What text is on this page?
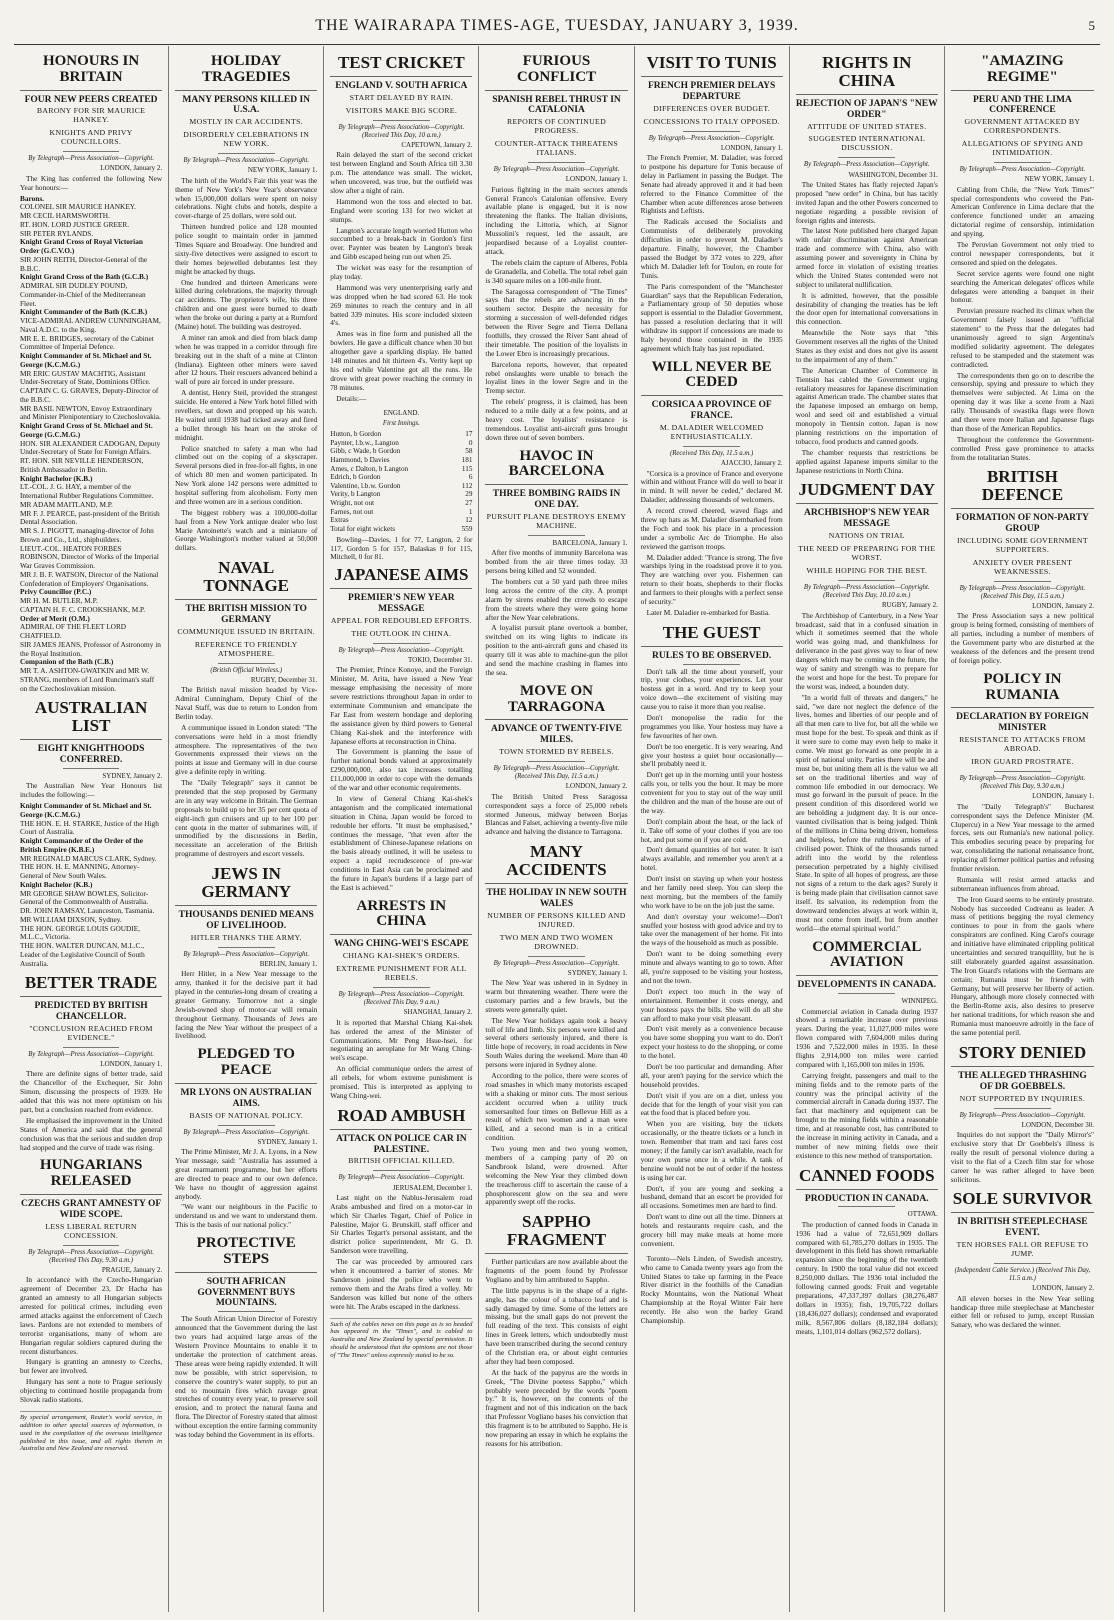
THE WAIRARAPA TIMES-AGE, TUESDAY, JANUARY 3, 1939.	5
HONOURS IN BRITAIN
FOUR NEW PEERS CREATED
BARONY FOR SIR MAURICE HANKEY.
KNIGHTS AND PRIVY COUNCILLORS.
By Telegraph—Press Association—Copyright.
LONDON, January 2.

The King has conferred the following New Year honours:—

Barons.
COLONEL SIR MAURICE HANKEY.
MR CECIL HARMSWORTH.
RT. HON. LORD JUSTICE GREER.
SIR PETER RYLANDS.
Knight Grand Cross of Royal Victorian Order (G.C.V.O.)
SIR JOHN REITH, Director-General of the B.B.C.
Knight Grand Cross of the Bath (G.C.B.)
ADMIRAL SIR DUDLEY POUND, Commander-in-Chief of the Mediterranean Fleet.
Knight Commander of the Bath (K.C.B.)
VICE-ADMIRAL ANDREW CUNNINGHAM, Naval A.D.C. to the King.
MR E. E. BRIDGES, secretary of the Cabinet Committee of Imperial Defence.
Knight Commander of St. Michael and St. George (K.C.M.G.)
MR ERIC GUSTAV MACHTIG, Assistant Under-Secretary of State, Dominions Office.
CAPTAIN C. G. GRAVES, Deputy-Director of the B.B.C.
MR BASIL NEWTON, Envoy Extraordinary and Minister Plenipotentiary to Czechoslovakia.
Knight Grand Cross of St. Michael and St. George (G.C.M.G.)
HON. SIR ALEXANDER CADOGAN, Deputy Under-Secretary of State for Foreign Affairs.
RT. HON. SIR NEVILLE HENDERSON, British Ambassador in Berlin.
Knight Bachelor (K.B.)
LT.-COL. J. G. HAY, a member of the International Rubber Regulations Committee.
MR ADAM MAITLAND, M.P.
MR F. J. PEARCE, past-president of the British Dental Association.
MR S. J. PIGOTT, managing-director of John Brown and Co., Ltd., shipbuilders.
LIEUT.-COL. HEATON FORBES ROBINSON, Director of Works of the Imperial War Graves Commission.
MR J. B. F. WATSON, Director of the National Confederation of Employers' Organisations.
Privy Councillor (P.C.)
MR H. M. BUTLER, M.P.
CAPTAIN H. F. C. CROOKSHANK, M.P.
Order of Merit (O.M.)
ADMIRAL OF THE FLEET LORD CHATFIELD.
SIR JAMES JEANS, Professor of Astronomy in the Royal Institution.
Companion of the Bath (C.B.)
MR T. A. ASHTON-GWATKIN and MR W. STRANG, members of Lord Runciman's staff on the Czechoslovakian mission.
AUSTRALIAN LIST
EIGHT KNIGHTHOODS CONFERRED.
SYDNEY, January 2.

The Australian New Year Honours list includes the following:—

Knight Commander of St. Michael and St. George (K.C.M.G.)
THE HON. E. H. STARKE, Justice of the High Court of Australia.
Knight Commander of the Order of the British Empire (K.B.E.)
MR REGINALD MARCUS CLARK, Sydney.
THE HON. H. E. MANNING, Attorney-General of New South Wales.
Knight Bachelor (K.B.)
MR GEORGE SHAW BOWLES, Solicitor-General of the Commonwealth of Australia.
DR. JOHN RAMSAY, Launceston, Tasmania.
MR WILLIAM DIXSON, Sydney.
THE HON. GEORGE LOUIS GOUDIE, M.L.C., Victoria.
THE HON. WALTER DUNCAN, M.L.C., Leader of the Legislative Council of South Australia.
BETTER TRADE
PREDICTED BY BRITISH CHANCELLOR.
"CONCLUSION REACHED FROM EVIDENCE."
By Telegraph—Press Association—Copyright.
LONDON, January 1.

There are definite signs of better trade, said the Chancellor of the Exchequer, Sir John Simon, discussing the prospects of 1939. He added that this was not mere optimism on his part, but a conclusion reached from evidence.

He emphasised the improvement in the United States of America and said that the general conclusion was that the serious and sudden drop had stopped and the curve of trade was rising.

HUNGARIANS RELEASED
CZECHS GRANT AMNESTY OF WIDE SCOPE.
LESS LIBERAL RETURN CONCESSION.
By Telegraph—Press Association—Copyright. (Received This Day, 9.30 a.m.)
PRAGUE, January 2.

In accordance with the Czecho-Hungarian agreement of December 23, Dr Hacha has granted an amnesty to all Hungarian subjects arrested for political crimes, including even armed attacks against the enforcement of Czech laws. Pardons are not extended to members of terrorist organisations, many of whom are Hungarian regular soldiers captured during the recent disturbances.

Hungary is granting an amnesty to Czechs, but fewer are involved.

Hungary has sent a note to Prague seriously objecting to continued hostile propaganda from Slovak radio stations.

By special arrangement, Reuter's world service, in addition to other special sources of information, is used in the compilation of the overseas intelligence published in this issue, and all rights therein in Australia and New Zealand are reserved.
HOLIDAY TRAGEDIES
MANY PERSONS KILLED IN U.S.A.
MOSTLY IN CAR ACCIDENTS.
DISORDERLY CELEBRATIONS IN NEW YORK.
By Telegraph—Press Association—Copyright.
NEW YORK, January 1.

The birth of the World's Fair this year was the theme of New York's New Year's observance when 15,000,000 dollars were spent on noisy celebrations. Night clubs and hotels, despite a cover-charge of 25 dollars, were sold out.

Thirteen hundred police and 128 mounted police sought to maintain order in jammed Times Square and Broadway. One hundred and sixty-five detectives were assigned to escort to their homes bejewelled debutantes lest they might be attacked by thugs.

One hundred and thirteen Americans were killed during celebrations, the majority through car accidents. The proprietor's wife, his three children and one guest were burned to death when the broke out during a party at a Rumford (Maine) hotel. The building was destroyed.

A miner ran amok and died from black damp when he was trapped in a corridor through fire breaking out in the shaft of a mine at Clinton (Indiana). Eighteen other miners were saved after 12 hours. Their rescuers advanced behind a wall of pure air forced in under pressure.

A dentist, Henry Steil, provided the strangest suicide. He entered a New York hotel filled with revellers, sat down and propped up his watch. He waited until 1938 had ticked away and fired a bullet through his heart on the stroke of midnight.

Police snatched to safety a man who had climbed out on the coping of a skyscraper. Several persons died in free-for-all fights, in one of which 80 men and women participated. In New York alone 142 persons were admitted to hospital suffering from alcoholism. Forty men and three women are in a serious condition.

The biggest robbery was a 100,000-dollar haul from a New York antique dealer who lost Marie Antoinette's watch and a miniature of George Washington's mother valued at 50,000 dollars.

NAVAL TONNAGE
THE BRITISH MISSION TO GERMANY
COMMUNIQUE ISSUED IN BRITAIN.
REFERENCE TO FRIENDLY ATMOSPHERE.
(British Official Wireless.)
RUGBY, December 31.

The British naval mission headed by Vice-Admiral Cunningham, Deputy Chief of the Naval Staff, was due to return to London from Berlin today.

A communique issued in London stated: "The conversations were held in a most friendly atmosphere. The representatives of the two Governments expressed their views on the points at issue and Germany will in due course give a definite reply in writing.

The "Daily Telegraph" says it cannot be pretended that the step proposed by Germany are in any way welcome in Britain. The German proposals to build up to her 35 per cent quota of eight-inch gun cruisers and up to her 100 per cent quota in the matter of submarines will, if unmodified by the discussions in Berlin, necessitate an acceleration of the British programme of destroyers and escort vessels.

JEWS IN GERMANY
THOUSANDS DENIED MEANS OF LIVELIHOOD.
HITLER THANKS THE ARMY.
By Telegraph—Press Association—Copyright.
BERLIN, January 1.

Herr Hitler, in a New Year message to the army, thanked it for the decisive part it had played in the centuries-long dream of creating a greater Germany. Tomorrow not a single Jewish-owned shop of motor-car will remain throughout Germany. Thousands of Jews are facing the New Year without the prospect of a livelihood.

PLEDGED TO PEACE
MR LYONS ON AUSTRALIAN AIMS.
BASIS OF NATIONAL POLICY.
By Telegraph—Press Association—Copyright.
SYDNEY, January 1.

The Prime Minister, Mr J. A. Lyons, in a New Year message, said: "Australia has assumed a great rearmament programme, but her efforts are directed to peace and to our own defence. We have no thought of aggression against anybody.

"We want our neighbours in the Pacific to understand us and we want to understand them. This is the basis of our national policy."

PROTECTIVE STEPS
SOUTH AFRICAN GOVERNMENT BUYS MOUNTAINS.

The South African Union Director of Forestry announced that the Government during the last two years had acquired large areas of the Western Province Mountains to enable it to undertake the protection of catchment areas. These areas were being rapidly extended. It will now be possible, with strict supervision, to conserve the country's water supply, to put an end to mountain fires which ravage great stretches of country every year, to preserve soil erosion, and to protect the natural fauna and flora. The Director of Forestry stated that almost without exception the entire farming community was today behind the Government in its efforts.

TEST CRICKET
ENGLAND V. SOUTH AFRICA
START DELAYED BY RAIN.
VISITORS MAKE BIG SCORE.
By Telegraph—Press Association—Copyright. (Received This Day, 10 a.m.)
CAPETOWN, January 2.

Rain delayed the start of the second cricket test between England and South Africa till 3.30 p.m. The attendance was small. The wicket, when uncovered, was true, but the outfield was slow after a night of rain.

Hammond won the toss and elected to bat. England were scoring 131 for two wicket at stumps.

Langton's accurate length worried Hutton who succumbed to a break-back in Gordon's first over. Paynter was beaten by Langton's break and Gibb escaped being run out when 25.

The wicket was easy for the resumption of play today.

Hammond was very unenterprising early and was dropped when he had scored 63. He took 269 minutes to reach the century and in all batted 339 minutes. His score included sixteen 4's.

Ames was in fine form and punished all the bowlers. He gave a difficult chance when 30 but altogether gave a sparkling display. He batted 148 minutes and hit thirteen 4's. Verity kept up his end while Valentine got all the runs. He drove with great power reaching the century in 78 minutes.

Details:—

ENGLAND.
First Innings.
Hutton, b Gordon	17
Paynter, l.b.w., Langton	0
Gibb, c Wade, b Gordon	58
Hammond, b Davies	181
Ames, c Dalton, b Langton	115
Edrich, b Gordon	6
Valentine, l.b.w. Gordon	112
Verity, b Langton	29
Wright, not out	27
Farnes, not out	1
Extras	12
Total for eight wickets	559

Bowling—Davies, 1 for 77, Langton, 2 for 117, Gordon 5 for 157, Balaskas 0 for 115, Mitchell, 0 for 81.

JAPANESE AIMS
PREMIER'S NEW YEAR MESSAGE
APPEAL FOR REDOUBLED EFFORTS.
THE OUTLOOK IN CHINA.
By Telegraph—Press Association—Copyright.
TOKIO, December 31.

The Premier, Prince Konoye, and the Foreign Minister, M. Arita, have issued a New Year message emphasising the necessity of more severe restrictions throughout Japan in order to exterminate Communism and emancipate the Far East from western bondage and deploring the assistance given by third powers to General Chiang Kai-shek and the interference with Japanese efforts at reconstruction in China.

The Government is planning the issue of further national bonds valued at approximately £290,000,000, also tax increases totalling £11,000,000 in order to cope with the demands of the war and other economic requirements.

In view of General Chiang Kai-shek's antagonism and the complicated international situation in China, Japan would be forced to redouble her efforts. "It must be emphasised," continues the message, "that even after the establishment of Chinese-Japanese relations on the basis already outlined, it will be useless to expect a rapid recrudescence of pre-war conditions in East Asia can be proclaimed and the future in Japan's burdens if a large part of the East is achieved."

ARRESTS IN CHINA
WANG CHING-WEI'S ESCAPE
CHIANG KAI-SHEK'S ORDERS.
EXTREME PUNISHMENT FOR ALL REBELS.
By Telegraph—Press Association—Copyright. (Received This Day, 9 a.m.)
SHANGHAI, January 2.

It is reported that Marshal Chiang Kai-shek has ordered the arrest of the Minister of Communications, Mr Peng Hsue-hsei, for negotiating an aeroplane for Mr Wang Ching-wei's escape.

An official communique orders the arrest of all rebels, for whom extreme punishment is promised. This is interpreted as applying to Wang Ching-wei.

ROAD AMBUSH
ATTACK ON POLICE CAR IN PALESTINE.
BRITISH OFFICIAL KILLED.
By Telegraph—Press Association—Copyright.
JERUSALEM, December 1.

Last night on the Nablus-Jerusalem road Arabs ambushed and fired on a motor-car in which Sir Charles Tegart, Chief of Police in Palestine, Major G. Brunskill, staff officer and Sir Charles Tegart's personal assistant, and the district police superintendent, Mr G. D. Sanderson were travelling.

The car was proceeded by armoured cars when it encountered a barrier of stones. Mr Sanderson joined the police who went to remove them and the Arabs fired a volley. Mr Sanderson was killed but none of the others were hit. The Arabs escaped in the darkness.

Such of the cables news on this page as is so headed has appeared in the "Times", and is cabled to Australia and New Zealand by special permission. It should be understood that the opinions are not those of "The Times" unless expressly stated to be so.
FURIOUS CONFLICT
SPANISH REBEL THRUST IN CATALONIA
REPORTS OF CONTINUED PROGRESS.
COUNTER-ATTACK THREATENS ITALIANS.
By Telegraph—Press Association—Copyright.
LONDON, January 1.

Furious fighting in the main sectors attends General Franco's Catalonian offensive. Every available plane is engaged, but it is now threatening the flanks. The Italian divisions, including the Littoria, which, at Signor Mussolini's request, led the assault, are jeopardised because of a Loyalist counter-attack.

The rebels claim the capture of Alberes, Pobla de Granadella, and Cobella. The total rebel gain is 340 square miles on a 100-mile front.

The Saragossa correspondent of "The Times" says that the rebels are advancing in the southern sector. Despite the necessity for storming a succession of well-defended ridges between the River Segre and Tierra Dellana foothills, they crossed the River Sant ahead of their timetable. The position of the loyalists in the Lower Ebro is increasingly precarious.

Barcelona reports, however, that repeated rebel onslaughts were unable to breach the loyalist lines in the lower Segre and in the Tremp sector.

The rebels' progress, it is claimed, has been reduced to a mile daily at a few points, and at heavy cost. The loyalists' resistance is tremendous. Loyalist anti-aircraft guns brought down three out of seven bombers.

HAVOC IN BARCELONA
THREE BOMBING RAIDS IN ONE DAY.
PURSUIT PLANE DESTROYS ENEMY MACHINE.
BARCELONA, January 1.

After five months of immunity Barcelona was bombed from the air three times today. 33 persons being killed and 52 wounded.

The bombers cut a 50 yard path three miles long across the centre of the city. A prompt alarm by sirens enabled the crowds to escape from the streets where they were going home after the New Year celebrations.

A loyalist pursuit plane overtook a bomber, switched on its wing lights to indicate its position to the anti-aircraft guns and chased its quarry till it was able to machine-gun the pilot and send the machine crashing in flames into the sea.

MOVE ON TARRAGONA
ADVANCE OF TWENTY-FIVE MILES.
TOWN STORMED BY REBELS.
By Telegraph—Press Association—Copyright. (Received This Day, 11.5 a.m.)
LONDON, January 2.

The British United Press Saragossa correspondent says a force of 25,000 rebels stormed Juneous, midway between Borjas Blancas and Falset, achieving a twenty-five mile advance and halving the distance to Tarragona.

MANY ACCIDENTS
THE HOLIDAY IN NEW SOUTH WALES
NUMBER OF PERSONS KILLED AND INJURED.
TWO MEN AND TWO WOMEN DROWNED.
By Telegraph—Press Association—Copyright.
SYDNEY, January 1.

The New Year was ushered in in Sydney in warm but threatening weather. There were the customary parties and a few brawls, but the streets were generally quiet.

The New Year holidays again took a heavy toll of life and limb. Six persons were killed and several others seriously injured, and there is little hope of recovery, in road accidents in New South Wales during the weekend. More than 40 persons were injured in Sydney alone.

According to the police, there were scores of road smashes in which many motorists escaped with a shaking or minor cuts. The most serious accident occurred when a utility truck somersaulted four times on Bellevue Hill as a result of which two women and a man were killed, and a second man is in a critical condition.

Two young men and two young women, members of a camping party of 20 on Sandbrook Island, were drowned. After welcoming the New Year they climbed down the treacherous cliff to ascertain the cause of a phosphorescent glow on the sea and were apparently swept off the rocks.

SAPPHO FRAGMENT

Further particulars are now available about the fragments of the poem found by Professor Vogliano and by him attributed to Sappho.

The little papyrus is in the shape of a right-angle, has the colour of a tobacco leaf and is sadly damaged by time. Some of the letters are missing, but the small gaps do not prevent the full reading of the text. This consists of eight lines in Greek letters, which undoubtedly must have been transcribed during the second century of the Christian era, or about eight centuries after they had been composed.

At the back of the papyrus are the words in Greek, "The Divine poetess Sappho," which probably were preceded by the words "poem by." It is, however, on the contents of the fragment and not of this indication on the back that Professor Vogliano bases his conviction that this fragment is to be attributed to Sappho. He is now preparing an essay in which he explains the reasons for his attribution.

VISIT TO TUNIS
FRENCH PREMIER DELAYS DEPARTURE
DIFFERENCES OVER BUDGET.
CONCESSIONS TO ITALY OPPOSED.
By Telegraph—Press Association—Copyright.
LONDON, January 1.

The French Premier, M. Daladier, was forced to postpone his departure for Tunis because of delay in Parliament in passing the Budget. The Senate had already approved it and it had been referred to the Finance Committee of the Chamber when acute differences arose between Rightists and Leftists.

The Radicals accused the Socialists and Communists of deliberately provoking difficulties in order to prevent M. Daladier's departure. Finally, however, the Chamber passed the Budget by 372 votes to 229, after which M. Daladier left for Toulon, en route for Tunis.

The Paris correspondent of the "Manchester Guardian" says that the Republican Federation, a Parliamentary group of 50 deputies whose support is essential to the Daladier Government, has passed a resolution declaring that it will withdraw its support if concessions are made to Italy beyond those contained in the 1935 agreement which Italy has just repudiated.

WILL NEVER BE CEDED
CORSICA A PROVINCE OF FRANCE.
M. DALADIER WELCOMED ENTHUSIASTICALLY.
(Received This Day, 11.5 a.m.)
AJACCIO, January 2.

"Corsica is a province of France and everyone within and without France will do well to bear it in mind. It will never be ceded," declared M. Daladier, addressing thousands of welcomers.

A record crowd cheered, waved flags and threw up hats as M. Daladier disembarked from the Foch and took his place in a procession under a symbolic Arc de Triomphe. He also reviewed the garrison troops.

M. Daladier added: "France is strong. The five warships lying in the roadstead prove it to you. They are watching over you. Fishermen can return to their boats, shepherds to their flocks and farmers to their ploughs with a perfect sense of security."

Later M. Daladier re-embarked for Bastia.

THE GUEST
RULES TO BE OBSERVED.

Don't talk all the time about yourself, your trip, your clothes, your experiences. Let your hostess get in a word. And try to keep your voice down—the excitement of visiting may cause you to raise it more than you realise.

Don't monopolise the radio for the programmes you like. Your hostess may have a few favourites of her own.

Don't be too energetic. It is very wearing. And give your hostess a quiet hour occasionally—she'll probably need it.

Don't get up in the morning until your hostess calls you, or tells you the hour. It may be more convenient for you to stay out of the way until the children and the man of the house are out of the way.

Don't complain about the heat, or the lack of it. Take off some of your clothes if you are too hot, and put some on if you are cold.

Don't demand quantities of hot water. It isn't always available, and remember you aren't at a hotel.

Don't insist on staying up when your hostess and her family need sleep. You can sleep the next morning, but the members of the family who work have to be on the job just the same.

And don't overstay your welcome!—Don't snuffed your hostess with good advice and try to take over the management of her home. Fit into the ways of the household as much as possible.

Don't want to be doing something every minute and always wanting to go to town. After all, you're supposed to be visiting your hostess, and not the town.

Don't expect too much in the way of entertainment. Remember it costs energy, and your hostess pays the bills. She will do all she can afford to make your visit pleasant.

Don't visit merely as a convenience because you have some shopping you want to do. Don't expect your hostess to do the shopping, or come to the hotel.

Don't be too particular and demanding. After all, your aren't paying for the service which the household provides.

Don't visit if you are on a diet, unless you decide that for the length of your visit you can eat the food that is placed before you.

When you are visiting, buy the tickets occasionally, or the theatre tickets or a lunch in town. Remember that tram and taxi fares cost money; if the family car isn't available, reach for your own purse once in a while. A tank of benzine would not be out of order if the hostess is using her car.

Don't, if you are young and seeking a husband, demand that an escort be provided for all occasions. Sometimes men are hard to find.

Don't want to dine out all the time. Dinners at hotels and restaurants require cash, and the grocery bill may make meals at home more convenient.

Toronto—Nels Linden, of Swedish ancestry, who came to Canada twenty years ago from the United States to take up farming in the Peace River district in the foothills of the Canadian Rocky Mountains, won the National Wheat Championship at the Royal Winter Fair here recently. He also won the barley Grand Championship.

RIGHTS IN CHINA
REJECTION OF JAPAN'S "NEW ORDER"
ATTITUDE OF UNITED STATES.
SUGGESTED INTERNATIONAL DISCUSSION.
By Telegraph—Press Association—Copyright.
WASHINGTON, December 31.

The United States has flatly rejected Japan's proposed "new order" in China, but has tacitly invited Japan and the other Powers concerned to negotiate regarding a possible revision of foreign rights and interests.

The latest Note published here charged Japan with unfair discrimination against American trade and commerce with China, also with assuming power and sovereignty in China by armed force in violation of existing treaties which the United States contended were not subject to unilateral nullification.

It is admitted, however, that the possible desirability of changing the treaties has be left the door open for international conversations in this connection.

Meanwhile the Note says that "this Government reserves all the rights of the United States as they exist and does not give its assent to the impairment of any of them."

The American Chamber of Commerce in Tientsin has cabled the Government urging retaliatory measures for Japanese discrimination against American trade. The chamber states that the Japanese imposed an embargo on hemp, wool and seed oil and established a virtual monopoly in Tientsin cotton. Japan is now planning restrictions on the importation of tobacco, food products and canned goods.

The chamber requests that restrictions be applied against Japanese imports similar to the Japanese restrictions in North China.

JUDGMENT DAY
ARCHBISHOP'S NEW YEAR MESSAGE
NATIONS ON TRIAL
THE NEED OF PREPARING FOR THE WORST.
WHILE HOPING FOR THE BEST.
By Telegraph—Press Association—Copyright. (Received This Day, 10.10 a.m.)
RUGBY, January 2.

The Archbishop of Canterbury, in a New Year broadcast, said that in a confused situation in which it sometimes seemed that the whole world was going mad, and thankfulness for deliverance in the past gives way to fear of new dangers which may be coming in the future, the way of sanity and strength was to prepare for the worst and hope for the best. To prepare for the worst was, indeed, a bounden duty.

"In a world full of threats and dangers," he said, "we dare not neglect the defence of the lives, homes and liberties of our people and of all that men care to live for, but all the while we must hope for the best. To speak and think as if it were sure to come may even help to make it come. We must go forward as one people in a spirit of national unity. Parties there will be and must be, but uniting them all is the value we all set on the traditional liberties and way of common life embodied in our democracy. We must go forward in the pursuit of peace. In the present condition of this disordered world we are beholding a judgment day. It is our once-vaunted civilisation that is being judged. Think of the millions in China being driven, homeless and helpless, before the ruthless armies of a civilised power. Think of the thousands turned adrift into the world by the relentless persecution perpetrated by a highly civilised State. In spite of all hopes of progress, are these not signs of a return to the dark ages? Surely it is being made plain that civilisation cannot save itself. Its salvation, its redemption from the downward tendencies always at work within it, must not come from itself, but from another world—the eternal spiritual world."

COMMERCIAL AVIATION
DEVELOPMENTS IN CANADA.
WINNIPEG.

Commercial aviation in Canada during 1937 showed a remarkable increase over previous years. During the year, 11,027,000 miles were flown compared with 7,604,000 miles during 1936 and 7,522,000 miles in 1935. In these flights 2,914,000 ton miles were carried compared with 1,165,000 ton miles in 1936.

Carrying freight, passengers and mail to the mining fields and to the remote parts of the country was the principal activity of the commercial aircraft in Canada during 1937. The fact that machinery and equipment can be brought to the mining fields within a reasonable time, and at reasonable cost, has contributed to the increase in mining activity in Canada, and a number of new mining fields owe their existence to this new method of transportation.

CANNED FOODS
PRODUCTION IN CANADA.
OTTAWA.

The production of canned foods in Canada in 1936 had a value of 72,651,909 dollars compared with 61,785,270 dollars in 1935. The development in this field has shown remarkable expansion since the beginning of the twentieth century. In 1900 the total value did not exceed 8,250,000 dollars. The 1936 total included the following canned goods: Fruit and vegetable preparations, 47,337,397 dollars (38,276,487 dollars in 1935); fish, 19,705,722 dollars (18,436,027 dollars); condensed and evaporated milk, 8,567,806 dollars (8,182,184 dollars); meats, 1,101,014 dollars (962,572 dollars).

"AMAZING REGIME"
PERU AND THE LIMA CONFERENCE
GOVERNMENT ATTACKED BY CORRESPONDENTS.
ALLEGATIONS OF SPYING AND INTIMIDATION.
By Telegraph—Press Association—Copyright.
NEW YORK, January 1.

Cabling from Chile, the "New York Times'" special correspondents who covered the Pan-American Conference in Lima declare that the conference functioned under an amazing dictatorial regime of censorship, intimidation and spying.

The Peruvian Government not only tried to control newspaper correspondents, but it censored and spied on the delegates.

Secret service agents were found one night searching the American delegates' offices while delegates were attending a banquet in their honour.

Peruvian pressure reached its climax when the Government falsely issued an "official statement" to the Press that the delegates had unanimously agreed to sign Argentina's modified solidarity agreement. The delegates refused to be stampeded and the statement was contradicted.

The correspondents then go on to describe the censorship, spying and pressure to which they themselves were subjected. At Lima on the opening day it was like a scene from a Nazi rally. Thousands of swastika flags were flown and there were more Italian and Japanese flags than those of the American Republics.

Throughout the conference the Government-controlled Press gave prominence to attacks from the totalitarian States.

BRITISH DEFENCE
FORMATION OF NON-PARTY GROUP
INCLUDING SOME GOVERNMENT SUPPORTERS.
ANXIETY OVER PRESENT WEAKNESSES.
By Telegraph—Press Association—Copyright. (Received This Day, 11.5 a.m.)
LONDON, January 2.

The Press Association says a new political group is being formed, consisting of members of all parties, including a number of members of the Government party who are disturbed at the weakness of the defences and the present trend of foreign policy.

POLICY IN RUMANIA
DECLARATION BY FOREIGN MINISTER
RESISTANCE TO ATTACKS FROM ABROAD.
IRON GUARD PROSTRATE.
By Telegraph—Press Association—Copyright. (Received This Day, 9.30 a.m.)
LONDON, January 1.

The "Daily Telegraph's" Bucharest correspondent says the Defence Minister (M. Clupercu) in a New Year message to the armed forces, sets out Rumania's new national policy. This embodies securing peace by preparing for war, consolidating the national renaissance front, replacing all former political parties and refusing frontier revision.

Rumania will resist armed attacks and subterranean influences from abroad.

The Iron Guard seems to be entirely prostrate. Nobody has succeeded Codreanu as leader. A mass of petitions begging the royal clemency continues to pour in from the gaols where conspirators are confined. King Carol's courage and initiative have eliminated crippling political uncertainties and secured tranquillity, but he is still elaborately guarded against assassination. The Iron Guard's relations with the Germans are certain; Rumania must be friendly with Germany, but will preserve her liberty of action. Hungary, although more closely connected with the Berlin-Rome axis, also desires to preserve her national traditions, for which reason she and Rumania must manoeuvre adroitly in the face of the same potential peril.

STORY DENIED
THE ALLEGED THRASHING OF DR GOEBBELS.
NOT SUPPORTED BY INQUIRIES.
By Telegraph—Press Association—Copyright.
LONDON, December 30.

Inquiries do not support the "Daily Mirror's" exclusive story that Dr Goebbels's illness is really the result of personal violence during a visit to the flat of a Czech film star for whose career he was rather alleged to have been solicitous.

SOLE SURVIVOR
IN BRITISH STEEPLECHASE EVENT.
TEN HORSES FALL OR REFUSE TO JUMP.
(Independent Cable Service.) (Received This Day, 11.5 a.m.)
LONDON, January 2.

All eleven horses in the New Year selling handicap three mile steeplechase at Manchester either fell or refused to jump, except Russian Sanary, who was declared the winner.
